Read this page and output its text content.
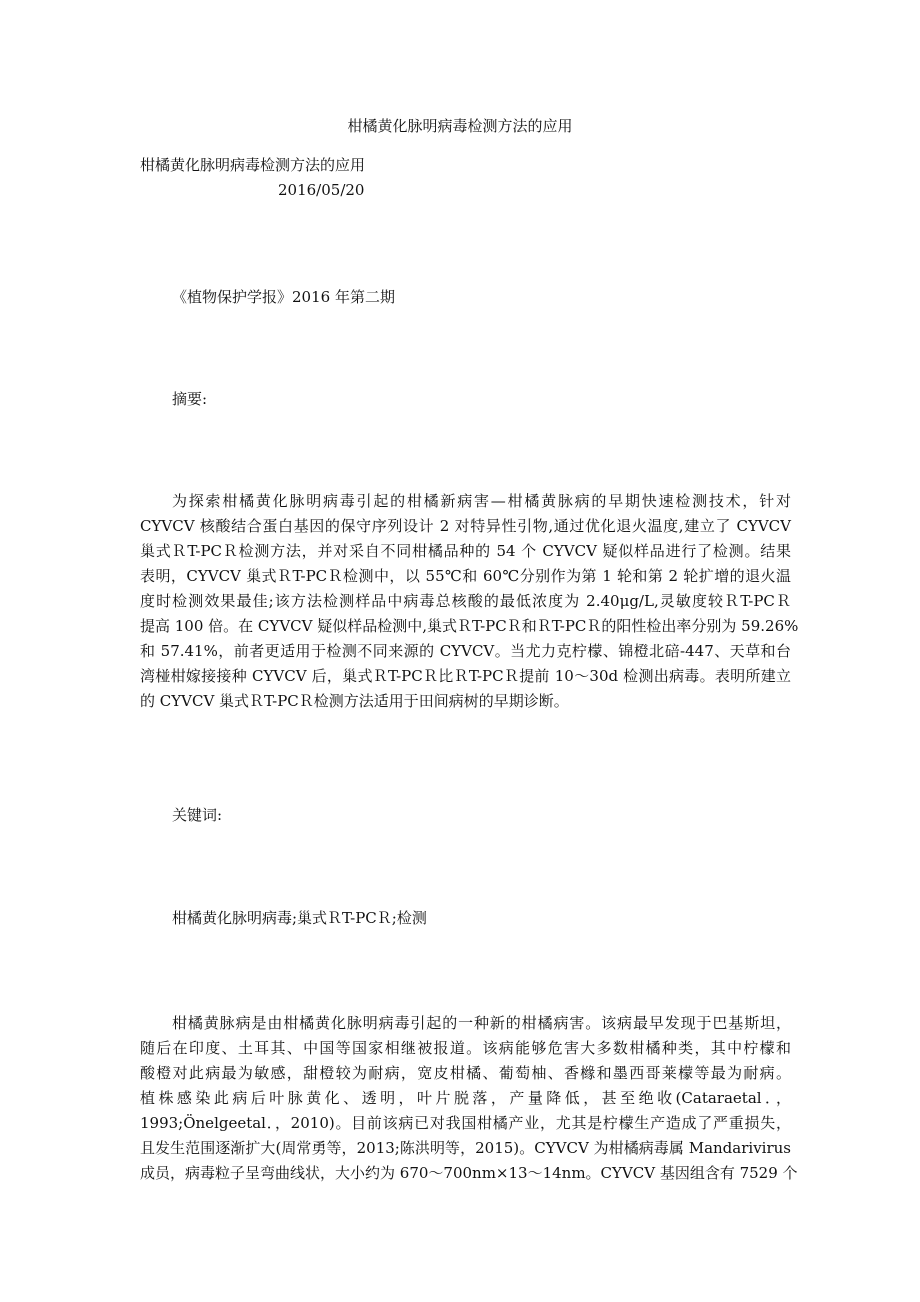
柑橘黄化脉明病毒检测方法的应用
柑橘黄化脉明病毒检测方法的应用
2016/05/20
《植物保护学报》2016 年第二期
摘要:
为探索柑橘黄化脉明病毒引起的柑橘新病害—柑橘黄脉病的早期快速检测技术，针对
CYVCV 核酸结合蛋白基因的保守序列设计 2 对特异性引物,通过优化退火温度,建立了 CYVCV
巢式ＲT-PCＲ检测方法，并对采自不同柑橘品种的 54 个 CYVCV 疑似样品进行了检测。结果
表明，CYVCV 巢式ＲT-PCＲ检测中，以 55℃和 60℃分别作为第 1 轮和第 2 轮扩增的退火温
度时检测效果最佳;该方法检测样品中病毒总核酸的最低浓度为 2.40μg/L,灵敏度较ＲT-PCＲ
提高 100 倍。在 CYVCV 疑似样品检测中,巢式ＲT-PCＲ和ＲT-PCＲ的阳性检出率分别为 59.26%
和 57.41%，前者更适用于检测不同来源的 CYVCV。当尤力克柠檬、锦橙北碚-447、天草和台
湾椪柑嫁接接种 CYVCV 后，巢式ＲT-PCＲ比ＲT-PCＲ提前 10～30d 检测出病毒。表明所建立
的 CYVCV 巢式ＲT-PCＲ检测方法适用于田间病树的早期诊断。
关键词:
柑橘黄化脉明病毒;巢式ＲT-PCＲ;检测
柑橘黄脉病是由柑橘黄化脉明病毒引起的一种新的柑橘病害。该病最早发现于巴基斯坦，
随后在印度、土耳其、中国等国家相继被报道。该病能够危害大多数柑橘种类，其中柠檬和
酸橙对此病最为敏感，甜橙较为耐病，宽皮柑橘、葡萄柚、香橼和墨西哥莱檬等最为耐病。
植株感染此病后叶脉黄化、透明，叶片脱落，产量降低，甚至绝收(Cataraetal．，
1993;Önelgeetal．，2010)。目前该病已对我国柑橘产业，尤其是柠檬生产造成了严重损失，
且发生范围逐渐扩大(周常勇等，2013;陈洪明等，2015)。CYVCV 为柑橘病毒属 Mandarivirus
成员，病毒粒子呈弯曲线状，大小约为 670～700nm×13～14nm。CYVCV 基因组含有 7529 个
